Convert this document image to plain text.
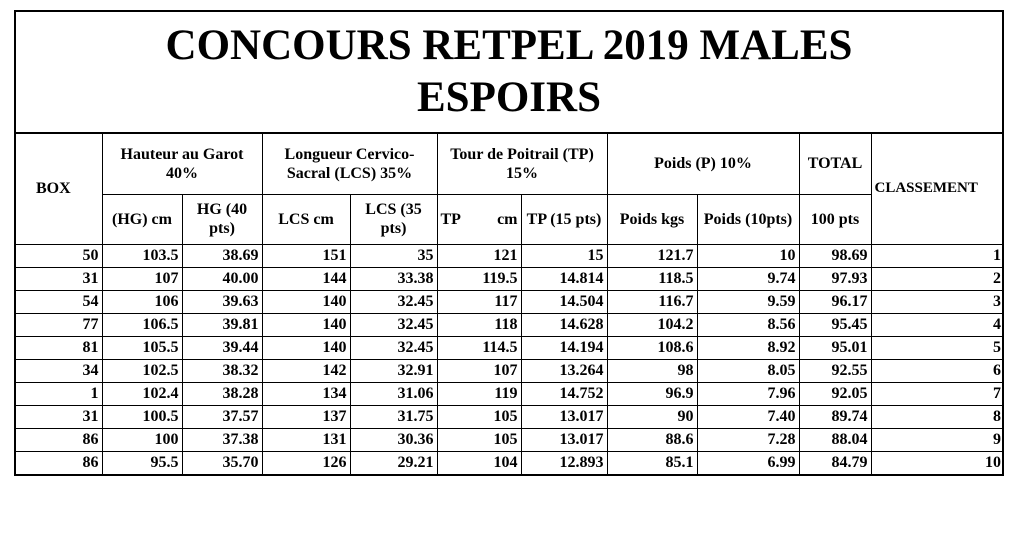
CONCOURS RETPEL 2019 MALES
ESPOIRS
BOX	Hauteur au Garot 40%		Longueur Cervico-Sacral (LCS) 35%		Tour de Poitrail (TP) 15%		Poids (P) 10%		TOTAL	CLASSEMENT
	(HG) cm	HG (40 pts)	LCS cm	LCS (35 pts)	TP cm	TP (15 pts)	Poids kgs	Poids (10pts)	100 pts	
50	103.5	38.69	151	35	121	15	121.7	10	98.69	1
31	107	40.00	144	33.38	119.5	14.814	118.5	9.74	97.93	2
54	106	39.63	140	32.45	117	14.504	116.7	9.59	96.17	3
77	106.5	39.81	140	32.45	118	14.628	104.2	8.56	95.45	4
81	105.5	39.44	140	32.45	114.5	14.194	108.6	8.92	95.01	5
34	102.5	38.32	142	32.91	107	13.264	98	8.05	92.55	6
1	102.4	38.28	134	31.06	119	14.752	96.9	7.96	92.05	7
31	100.5	37.57	137	31.75	105	13.017	90	7.40	89.74	8
86	100	37.38	131	30.36	105	13.017	88.6	7.28	88.04	9
86	95.5	35.70	126	29.21	104	12.893	85.1	6.99	84.79	10
